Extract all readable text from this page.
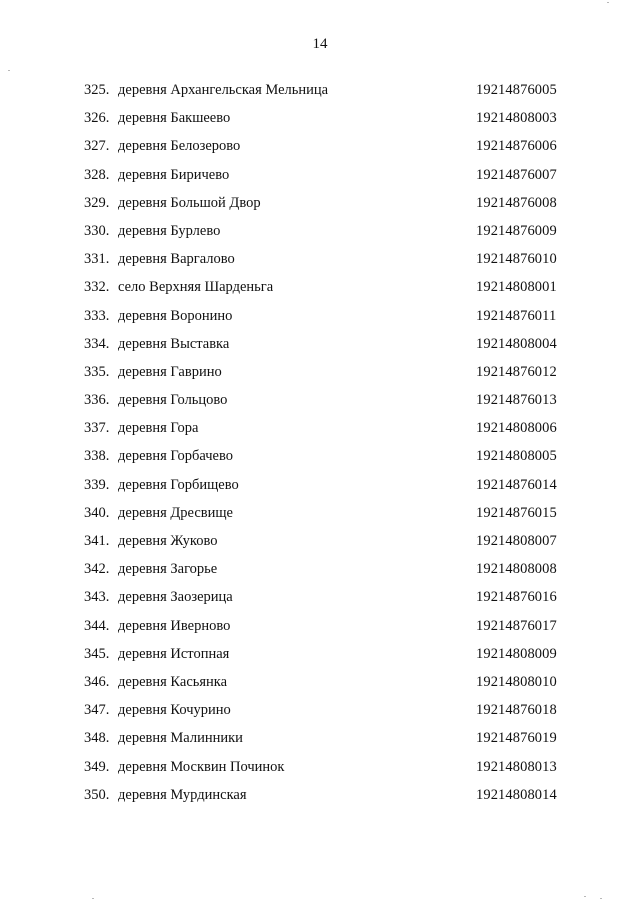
14
325. деревня Архангельская Мельница	19214876005
326. деревня Бакшеево	19214808003
327. деревня Белозерово	19214876006
328. деревня Биричево	19214876007
329. деревня Большой Двор	19214876008
330. деревня Бурлево	19214876009
331. деревня Варгалово	19214876010
332. село Верхняя Шарденьга	19214808001
333. деревня Воронино	19214876011
334. деревня Выставка	19214808004
335. деревня Гаврино	19214876012
336. деревня Гольцово	19214876013
337. деревня Гора	19214808006
338. деревня Горбачево	19214808005
339. деревня Горбищево	19214876014
340. деревня Дресвище	19214876015
341. деревня Жуково	19214808007
342. деревня Загорье	19214808008
343. деревня Заозерица	19214876016
344. деревня Иверново	19214876017
345. деревня Истопная	19214808009
346. деревня Касьянка	19214808010
347. деревня Кочурино	19214876018
348. деревня Малинники	19214876019
349. деревня Москвин Починок	19214808013
350. деревня Мурдинская	19214808014
